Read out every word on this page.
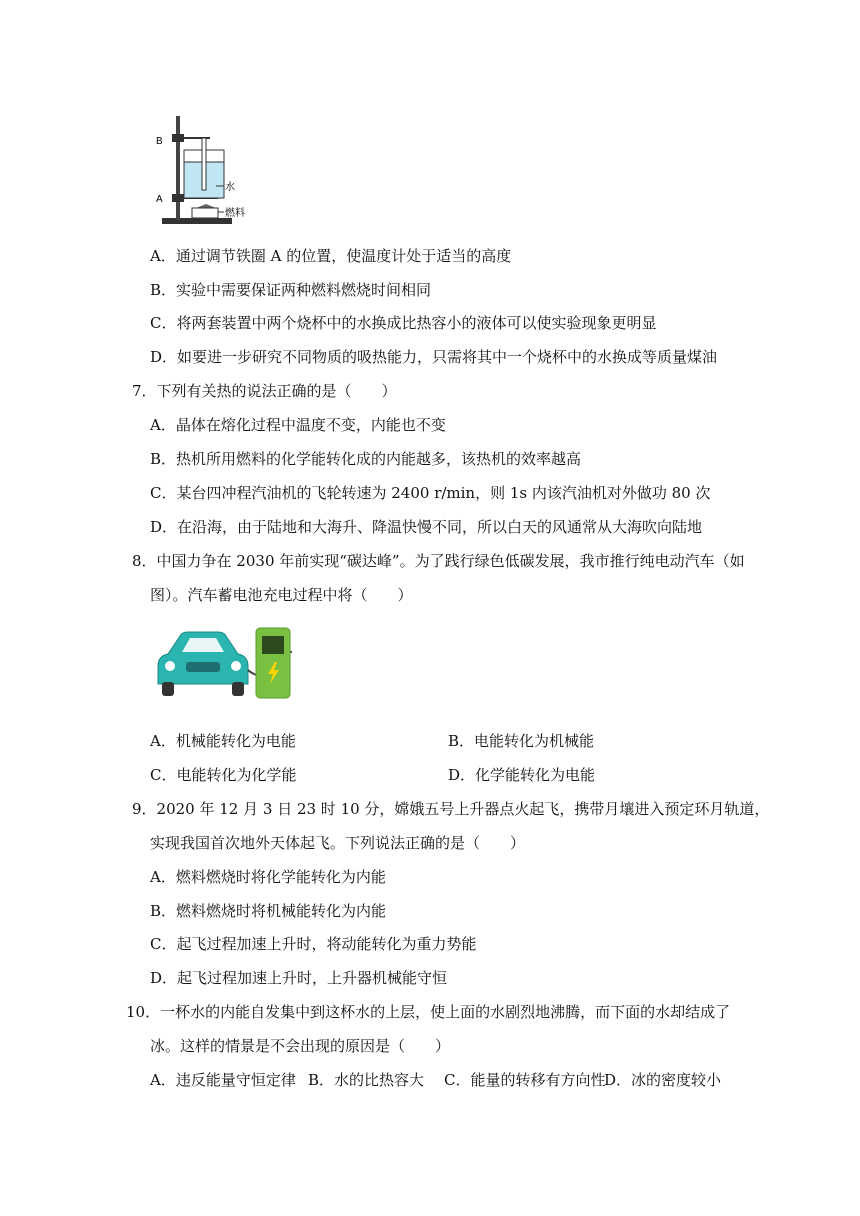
B
A
水
燃料
A．通过调节铁圈 A 的位置，使温度计处于适当的高度
B．实验中需要保证两种燃料燃烧时间相同
C．将两套装置中两个烧杯中的水换成比热容小的液体可以使实验现象更明显
D．如要进一步研究不同物质的吸热能力，只需将其中一个烧杯中的水换成等质量煤油
7．下列有关热的说法正确的是（　　）
A．晶体在熔化过程中温度不变，内能也不变
B．热机所用燃料的化学能转化成的内能越多，该热机的效率越高
C．某台四冲程汽油机的飞轮转速为 2400 r/min，则 1s 内该汽油机对外做功 80 次
D．在沿海，由于陆地和大海升、降温快慢不同，所以白天的风通常从大海吹向陆地
8．中国力争在 2030 年前实现“碳达峰”。为了践行绿色低碳发展，我市推行纯电动汽车（如
图）。汽车蓄电池充电过程中将（　　）
A．机械能转化为电能	B．电能转化为机械能
C．电能转化为化学能	D．化学能转化为电能
9．2020 年 12 月 3 日 23 时 10 分，嫦娥五号上升器点火起飞，携带月壤进入预定环月轨道，
实现我国首次地外天体起飞。下列说法正确的是（　　）
A．燃料燃烧时将化学能转化为内能
B．燃料燃烧时将机械能转化为内能
C．起飞过程加速上升时，将动能转化为重力势能
D．起飞过程加速上升时，上升器机械能守恒
10．一杯水的内能自发集中到这杯水的上层，使上面的水剧烈地沸腾，而下面的水却结成了
冰。这样的情景是不会出现的原因是（　　）
A．违反能量守恒定律 B．水的比热容大 C．能量的转移有方向性
D．冰的密度较小
